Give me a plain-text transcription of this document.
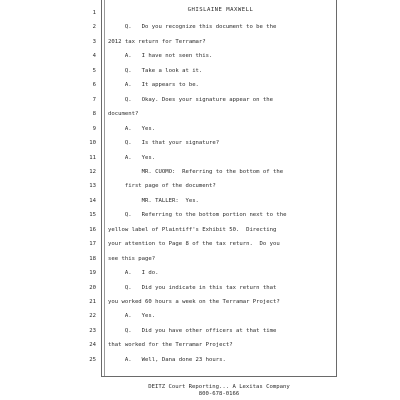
GHISLAINE MAXWELL
1
2 Q.   Do you recognize this document to be the
3 2012 tax return for Terramar?
4 A.   I have not seen this.
5 Q.   Take a look at it.
6 A.   It appears to be.
7 Q.   Okay. Does your signature appear on the
8 document?
9 A.   Yes.
10 Q.   Is that your signature?
11 A.   Yes.
12 MR. CUOMO:  Referring to the bottom of the
13 first page of the document?
14 MR. TALLER:  Yes.
15 Q.   Referring to the bottom portion next to the
16 yellow label of Plaintiff's Exhibit 50.  Directing
17 your attention to Page 8 of the tax return.  Do you
18 see this page?
19 A.   I do.
20 Q.   Did you indicate in this tax return that
21 you worked 60 hours a week on the Terramar Project?
22 A.   Yes.
23 Q.   Did you have other officers at that time
24 that worked for the Terramar Project?
25 A.   Well, Dana done 23 hours.
DEITZ Court Reporting... A Lexitas Company
800-678-0166
